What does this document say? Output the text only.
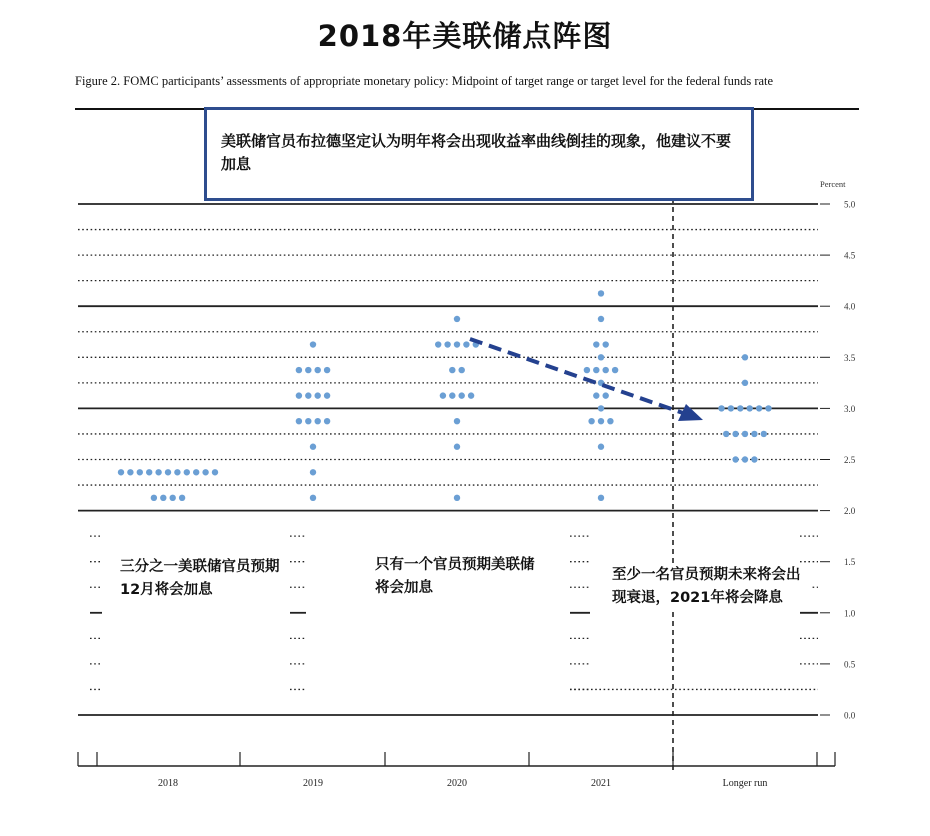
2018年美联储点阵图
Figure 2. FOMC participants’ assessments of appropriate monetary policy: Midpoint of target range or target level for the federal funds rate
0.0
0.5
1.0
1.5
2.0
2.5
3.0
3.5
4.0
4.5
5.0
2018	2019	2020	2021	Longer run
Percent
美联储官员布拉德坚定认为明年将会出现收益率曲线倒挂的现象，他建议不要加息
三分之一美联储官员预期12月将会加息
只有一个官员预期美联储将会加息
至少一名官员预期未来将会出现衰退，2021年将会降息
